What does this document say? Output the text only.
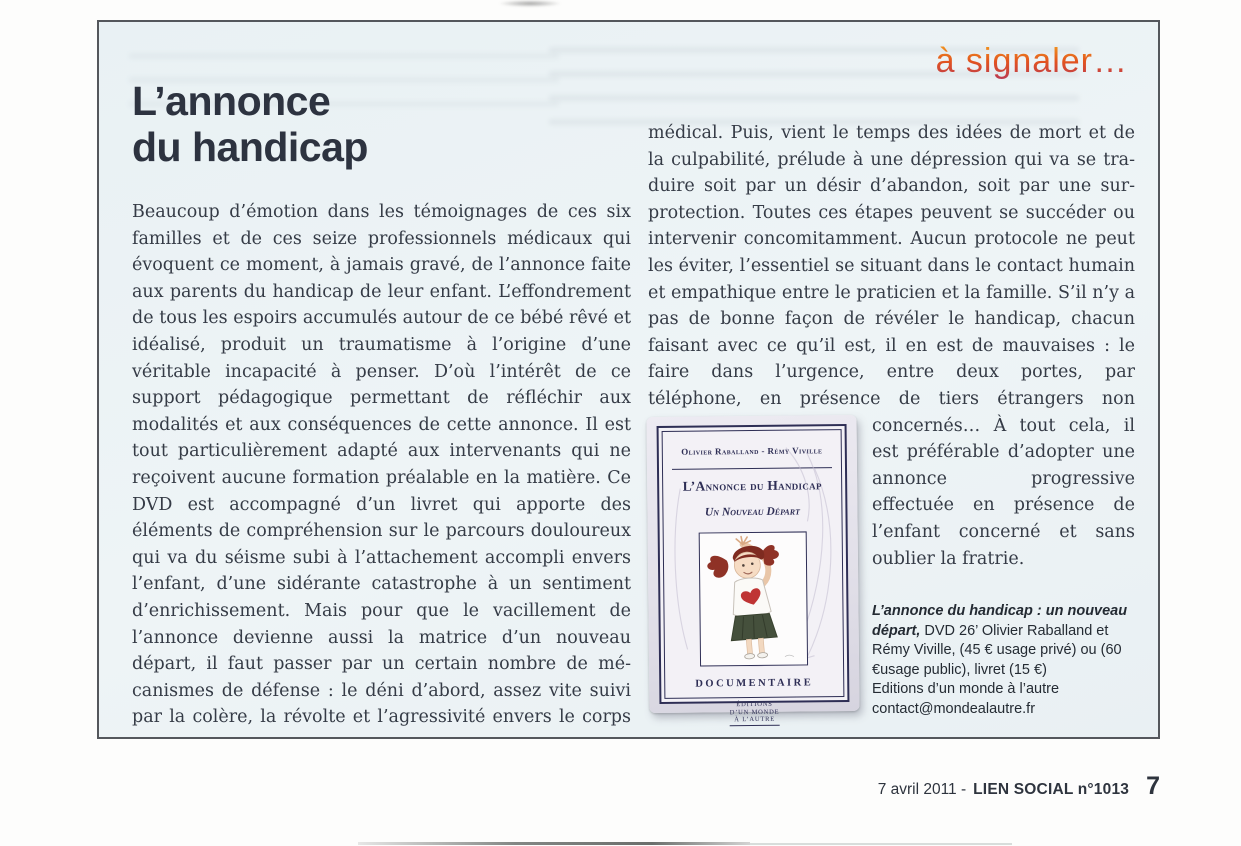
à signaler…
L’annonce
du handicap
Beaucoup d’émotion dans les témoignages de ces six familles et de ces seize professionnels médicaux qui évoquent ce moment, à jamais gravé, de l’annonce faite aux parents du handicap de leur enfant. L’effondrement de tous les espoirs accumulés autour de ce bébé rêvé et idéalisé, produit un traumatisme à l’origine d’une véritable incapacité à penser. D’où l’intérêt de ce support pédagogique permettant de réfléchir aux modalités et aux conséquences de cette annonce. Il est tout particulièrement adapté aux intervenants qui ne reçoivent aucune formation préalable en la matière. Ce DVD est accompagné d’un livret qui apporte des éléments de compréhension sur le parcours douloureux qui va du séisme subi à l’attachement accompli envers l’enfant, d’une sidérante catastrophe à un sentiment d’enrichissement. Mais pour que le vacillement de l’annonce devienne aussi la matrice d’un nouveau départ, il faut passer par un certain nombre de mécanismes de défense : le déni d’abord, assez vite suivi par la colère, la révolte et l’agressivité envers le corps
médical. Puis, vient le temps des idées de mort et de la culpabilité, prélude à une dépression qui va se traduire soit par un désir d’abandon, soit par une surprotection. Toutes ces étapes peuvent se succéder ou intervenir concomitamment. Aucun protocole ne peut les éviter, l’essentiel se situant dans le contact humain et empathique entre le praticien et la famille. S’il n’y a pas de bonne façon de révéler le handicap, chacun faisant avec ce qu’il est, il en est de mauvaises : le faire dans l’urgence, entre deux portes, par téléphone, en présence de tiers étrangers non concernés… À tout
Olivier Raballand - Rémy Viville
L’Annonce du Handicap
Un Nouveau Départ
DOCUMENTAIRE
ÉDITIONS
D’UN MONDE
À L’AUTRE
cela, il est préférable d’adopter une annonce progressive effectuée en présence de l’enfant concerné et sans oublier la fratrie.
L’annonce du handicap : un nouveau départ, DVD 26’ Olivier Raballand et Rémy Viville, (45 € usage privé) ou (60 €usage public), livret (15 €)
Editions d’un monde à l’autre
contact@mondealautre.fr
7 avril 2011 - LIEN SOCIAL n°1013 7
